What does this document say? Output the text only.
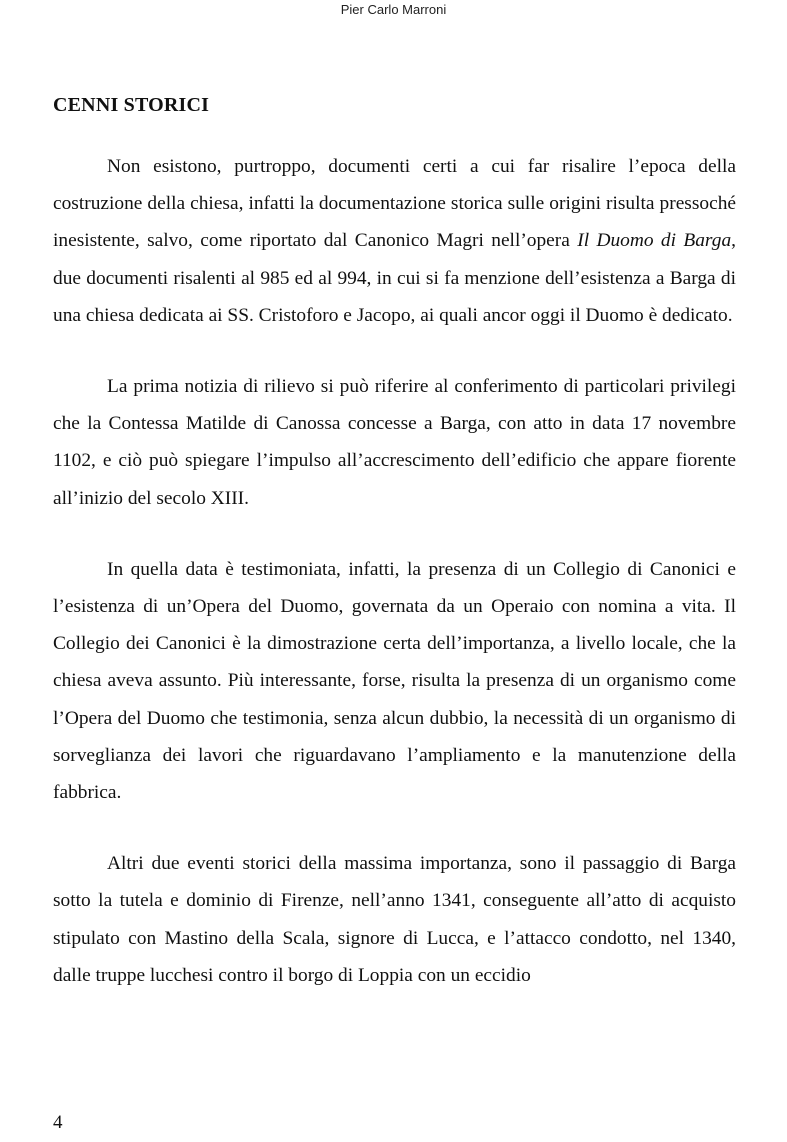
Pier Carlo Marroni
CENNI STORICI

Non esistono, purtroppo, documenti certi a cui far risalire l’epoca della costruzione della chiesa, infatti la documentazione storica sulle origini risulta pressoché inesistente, salvo, come riportato dal Canonico Magri nell’opera Il Duomo di Barga, due documenti risalenti al 985 ed al 994, in cui si fa menzione dell’esistenza a Barga di una chiesa dedicata ai SS. Cristoforo e Jacopo, ai quali ancor oggi il Duomo è dedicato.

La prima notizia di rilievo si può riferire al conferimento di particolari privilegi che la Contessa Matilde di Canossa concesse a Barga, con atto in data 17 novembre 1102, e ciò può spiegare l’impulso all’accrescimento dell’edificio che appare fiorente all’inizio del secolo XIII.

In quella data è testimoniata, infatti, la presenza di un Collegio di Canonici e l’esistenza di un’Opera del Duomo, governata da un Operaio con nomina a vita. Il Collegio dei Canonici è la dimostrazione certa dell’importanza, a livello locale, che la chiesa aveva assunto. Più interessante, forse, risulta la presenza di un organismo come l’Opera del Duomo che testimonia, senza alcun dubbio, la necessità di un organismo di sorveglianza dei lavori che riguardavano l’ampliamento e la manutenzione della fabbrica.

Altri due eventi storici della massima importanza, sono il passaggio di Barga sotto la tutela e dominio di Firenze, nell’anno 1341, conseguente all’atto di acquisto stipulato con Mastino della Scala, signore di Lucca, e l’attacco condotto, nel 1340, dalle truppe lucchesi contro il borgo di Loppia con un eccidio

4
